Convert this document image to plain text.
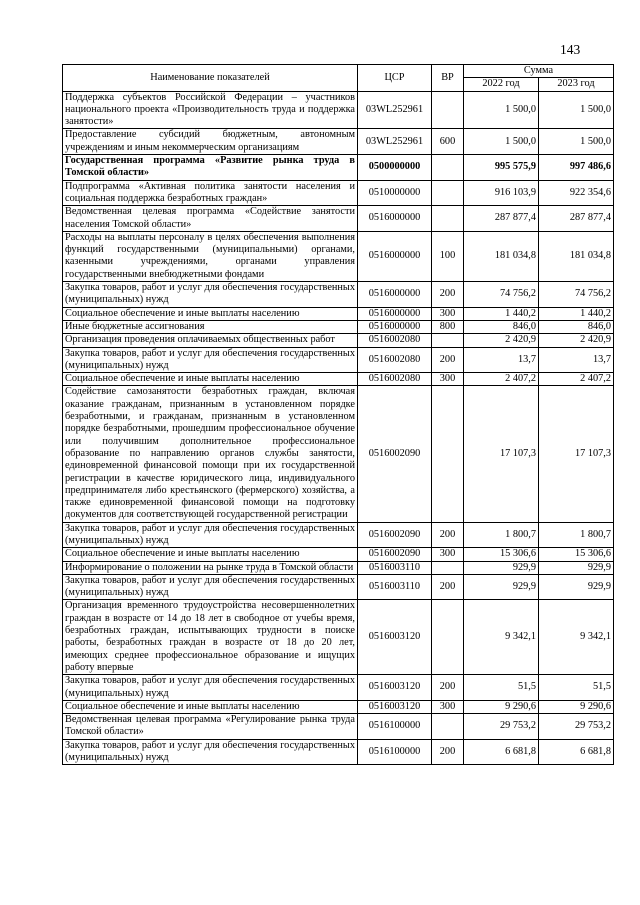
143
Наименование показателей	ЦСР	ВР	Сумма	
			2022 год	2023 год
Поддержка субъектов Российской Федерации – участников национального проекта «Производительность труда и поддержка занятости»	03WL252961		1 500,0	1 500,0
Предоставление субсидий бюджетным, автономным учреждениям и иным некоммерческим организациям	03WL252961	600	1 500,0	1 500,0
Государственная программа «Развитие рынка труда в Томской области»	0500000000		995 575,9	997 486,6
Подпрограмма «Активная политика занятости населения и социальная поддержка безработных граждан»	0510000000		916 103,9	922 354,6
Ведомственная целевая программа «Содействие занятости населения Томской области»	0516000000		287 877,4	287 877,4
Расходы на выплаты персоналу в целях обеспечения выполнения функций государственными (муниципальными) органами, казенными учреждениями, органами управления государственными внебюджетными фондами	0516000000	100	181 034,8	181 034,8
Закупка товаров, работ и услуг для обеспечения государственных (муниципальных) нужд	0516000000	200	74 756,2	74 756,2
Социальное обеспечение и иные выплаты населению	0516000000	300	1 440,2	1 440,2
Иные бюджетные ассигнования	0516000000	800	846,0	846,0
Организация проведения оплачиваемых общественных работ	0516002080		2 420,9	2 420,9
Закупка товаров, работ и услуг для обеспечения государственных (муниципальных) нужд	0516002080	200	13,7	13,7
Социальное обеспечение и иные выплаты населению	0516002080	300	2 407,2	2 407,2
Содействие самозанятости безработных граждан, включая оказание гражданам, признанным в установленном порядке безработными, и гражданам, признанным в установленном порядке безработными, прошедшим профессиональное обучение или получившим дополнительное профессиональное образование по направлению органов службы занятости, единовременной финансовой помощи при их государственной регистрации в качестве юридического лица, индивидуального предпринимателя либо крестьянского (фермерского) хозяйства, а также единовременной финансовой помощи на подготовку документов для соответствующей государственной регистрации	0516002090		17 107,3	17 107,3
Закупка товаров, работ и услуг для обеспечения государственных (муниципальных) нужд	0516002090	200	1 800,7	1 800,7
Социальное обеспечение и иные выплаты населению	0516002090	300	15 306,6	15 306,6
Информирование о положении на рынке труда в Томской области	0516003110		929,9	929,9
Закупка товаров, работ и услуг для обеспечения государственных (муниципальных) нужд	0516003110	200	929,9	929,9
Организация временного трудоустройства несовершеннолетних граждан в возрасте от 14 до 18 лет в свободное от учебы время, безработных граждан, испытывающих трудности в поиске работы, безработных граждан в возрасте от 18 до 20 лет, имеющих среднее профессиональное образование и ищущих работу впервые	0516003120		9 342,1	9 342,1
Закупка товаров, работ и услуг для обеспечения государственных (муниципальных) нужд	0516003120	200	51,5	51,5
Социальное обеспечение и иные выплаты населению	0516003120	300	9 290,6	9 290,6
Ведомственная целевая программа «Регулирование рынка труда Томской области»	0516100000		29 753,2	29 753,2
Закупка товаров, работ и услуг для обеспечения государственных (муниципальных) нужд	0516100000	200	6 681,8	6 681,8
